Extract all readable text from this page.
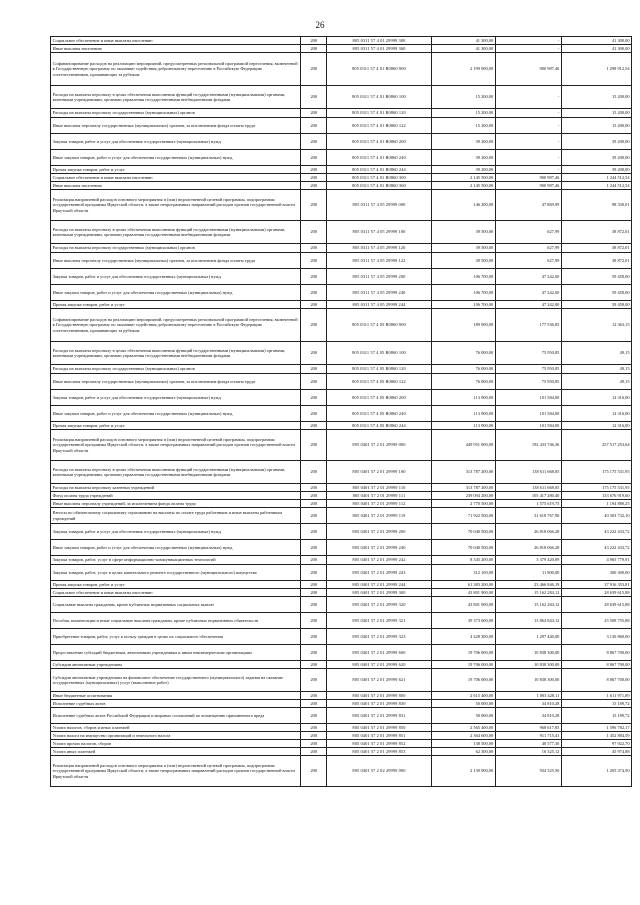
26
Социальное обеспечение и иные выплаты населению	200	805 0311 57 4 01 29999 300	41 300,00	-	41 300,00
Иные выплаты населению	200	805 0311 57 4 01 29999 360	41 300,00	-	41 300,00
Софинансирование расходов на реализацию мероприятий, предусмотренных региональной программой переселения, включенной в Государственную программу по оказанию содействия добровольному переселению в Российскую Федерацию соотечественников, проживающих за рубежом	200	805 0311 57 4 01 R0860 000	2 199 900,00	900 987,46	1 298 912,54
Расходы на выплаты персоналу в целях обеспечения выполнения функций государственными (муниципальными) органами, казенными учреждениями, органами управления государственными внебюджетными фондами	200	805 0311 57 4 01 R0860 100	15 200,00	-	15 200,00
Расходы на выплаты персоналу государственных (муниципальных) органов	200	805 0311 57 4 01 R0860 120	15 200,00	-	15 200,00
Иные выплаты персоналу государственных (муниципальных) органов, за исключением фонда оплаты труда	200	805 0311 57 4 01 R0860 122	15 200,00	-	15 200,00
Закупка товаров, работ и услуг для обеспечения государственных (муниципальных) нужд	200	805 0311 57 4 01 R0860 200	39 200,00	-	39 200,00
Иные закупки товаров, работ и услуг для обеспечения государственных (муниципальных) нужд	200	805 0311 57 4 01 R0860 240	39 200,00	-	39 200,00
Прочая закупка товаров, работ и услуг	200	805 0311 57 4 01 R0860 244	39 200,00	-	39 200,00
Социальное обеспечение и иные выплаты населению	200	805 0311 57 4 01 R0860 300	2 145 500,00	900 987,46	1 244 512,54
Иные выплаты населению	200	805 0311 57 4 01 R0860 360	2 145 500,00	900 987,46	1 244 512,54
Реализация направлений расходов основного мероприятия и (или) ведомственной целевой программы, подпрограммы государственной программы Иркутской области, а также непрограммных направлений расходов органов государственной власти Иркутской области	200	805 0311 57 4 05 29999 000	146 200,00	47 869,99	98 330,01
Расходы на выплаты персоналу в целях обеспечения выполнения функций государственными (муниципальными) органами, казенными учреждениями, органами управления государственными внебюджетными фондами	200	805 0311 57 4 05 29999 100	39 500,00	627,99	38 872,01
Расходы на выплаты персоналу государственных (муниципальных) органов	200	805 0311 57 4 05 29999 120	39 500,00	627,99	38 872,01
Иные выплаты персоналу государственных (муниципальных) органов, за исключением фонда оплаты труда	200	805 0311 57 4 05 29999 122	39 500,00	627,99	38 872,01
Закупка товаров, работ и услуг для обеспечения государственных (муниципальных) нужд	200	805 0311 57 4 05 29999 200	106 700,00	47 242,00	59 458,00
Иные закупки товаров, работ и услуг для обеспечения государственных (муниципальных) нужд	200	805 0311 57 4 05 29999 240	106 700,00	47 242,00	59 458,00
Прочая закупка товаров, работ и услуг	200	805 0311 57 4 05 29999 244	106 700,00	47 242,00	59 458,00
Софинансирование расходов на реализацию мероприятий, предусмотренных региональной программой переселения, включенной в Государственную программу по оказанию содействия добровольному переселению в Российскую Федерацию соотечественников, проживающих за рубежом	200	805 0311 57 4 05 R0860 000	189 900,00	177 536,85	12 363,15
Расходы на выплаты персоналу в целях обеспечения выполнения функций государственными (муниципальными) органами, казенными учреждениями, органами управления государственными внебюджетными фондами	200	805 0311 57 4 05 R0860 100	76 000,00	75 950,85	49,15
Расходы на выплаты персоналу государственных (муниципальных) органов	200	805 0311 57 4 05 R0860 120	76 000,00	75 950,85	49,15
Иные выплаты персоналу государственных (муниципальных) органов, за исключением фонда оплаты труда	200	805 0311 57 4 05 R0860 122	76 000,00	75 950,85	49,15
Закупка товаров, работ и услуг для обеспечения государственных (муниципальных) нужд	200	805 0311 57 4 05 R0860 200	113 900,00	101 584,00	12 316,00
Иные закупки товаров, работ и услуг для обеспечения государственных (муниципальных) нужд	200	805 0311 57 4 05 R0860 240	113 900,00	101 584,00	12 316,00
Прочая закупка товаров, работ и услуг	200	805 0311 57 4 05 R0860 244	113 900,00	101 584,00	12 316,00
Реализация направлений расходов основного мероприятия и (или) ведомственной целевой программы, подпрограммы государственной программы Иркутской области, а также непрограммных направлений расходов органов государственной власти Иркутской области	200	805 0401 57 2 01 29999 000	449 951 000,00	192 433 746,36	257 517 253,64
Расходы на выплаты персоналу в целях обеспечения выполнения функций государственными (муниципальными) органами, казенными учреждениями, органами управления государственными внебюджетными фондами	200	805 0401 57 2 01 29999 100	313 787 200,00	138 611 668,05	175 175 531,95
Расходы на выплаты персоналу казенных учреждений	200	805 0401 57 2 01 29999 110	313 787 200,00	138 611 668,05	175 175 531,95
Фонд оплаты труда учреждений	200	805 0401 57 2 01 29999 111	239 094 200,00	105 417 280,40	133 676 919,60
Иные выплаты персоналу учреждений, за исключением фонда оплаты труда	200	805 0401 57 2 01 29999 112	2 770 500,00	1 575 619,75	1 194 880,25
Взносы по обязательному социальному страхованию на выплаты по оплате труда работников и иные выплаты работникам учреждений	200	805 0401 57 2 01 29999 119	71 922 500,00	31 618 767,90	40 303 732,10
Закупка товаров, работ и услуг для обеспечения государственных (муниципальных) нужд	200	805 0401 57 2 01 29999 200	70 040 500,00	26 818 066,28	43 222 433,72
Иные закупки товаров, работ и услуг для обеспечения государственных (муниципальных) нужд	200	805 0401 57 2 01 29999 240	70 040 500,00	26 818 066,28	43 222 433,72
Закупка товаров, работ, услуг в сфере информационно-коммуникационных технологий	200	805 0401 57 2 01 29999 242	8 345 200,00	3 379 420,09	4 965 779,91
Закупка товаров, работ, услуг в целях капитального ремонта государственного (муниципального) имущества	200	805 0401 57 2 01 29999 243	312 100,00	11 800,00	300 300,00
Прочая закупка товаров, работ и услуг	200	805 0401 57 2 01 29999 244	61 383 200,00	23 466 846,19	37 916 353,81
Социальное обеспечение и иные выплаты населению	200	805 0401 57 2 01 29999 300	43 801 900,00	15 162 284,12	28 639 615,88
Социальные выплаты гражданам, кроме публичных нормативных социальных выплат	200	805 0401 57 2 01 29999 320	43 801 900,00	15 162 284,12	28 639 615,88
Пособия, компенсации и иные социальные выплаты гражданам, кроме публичных нормативных обязательств	200	805 0401 57 2 01 29999 321	39 373 600,00	13 864 844,12	25 508 755,88
Приобретение товаров, работ, услуг в пользу граждан в целях их социального обеспечения	200	805 0401 57 2 01 29999 323	4 428 300,00	1 297 440,00	3 130 860,00
Предоставление субсидий бюджетным, автономным учреждениям и иным некоммерческим организациям	200	805 0401 57 2 01 29999 600	19 706 000,00	10 838 300,00	8 867 700,00
Субсидии автономным учреждениям	200	805 0401 57 2 01 29999 620	19 706 000,00	10 838 300,00	8 867 700,00
Субсидии автономным учреждениям на финансовое обеспечение государственного (муниципального) задания на оказание государственных (муниципальных) услуг (выполнение работ)	200	805 0401 57 2 01 29999 621	19 706 000,00	10 838 300,00	8 867 700,00
Иные бюджетные ассигнования	200	805 0401 57 2 01 29999 800	2 615 400,00	1 003 428,11	1 611 971,89
Исполнение судебных актов	200	805 0401 57 2 01 29999 830	50 000,00	34 810,28	15 189,72
Исполнение судебных актов Российской Федерации и мировых соглашений по возмещению причиненного вреда	200	805 0401 57 2 01 29999 831	50 000,00	34 810,28	15 189,72
Уплата налогов, сборов и иных платежей	200	805 0401 57 2 01 29999 850	2 565 400,00	968 617,83	1 596 782,17
Уплата налога на имущество организаций и земельного налога	200	805 0401 57 2 01 29999 851	2 364 600,00	911 715,41	1 452 884,59
Уплата прочих налогов, сборов	200	805 0401 57 2 01 29999 852	138 500,00	40 577,30	97 922,70
Уплата иных платежей	200	805 0401 57 2 01 29999 853	62 300,00	16 325,12	45 974,88
Реализация направлений расходов основного мероприятия и (или) ведомственной целевой программы, подпрограммы государственной программы Иркутской области, а также непрограммных направлений расходов органов государственной власти Иркутской области	200	805 0401 57 2 02 29999 000	2 139 900,00	934 525,50	1 205 374,50
